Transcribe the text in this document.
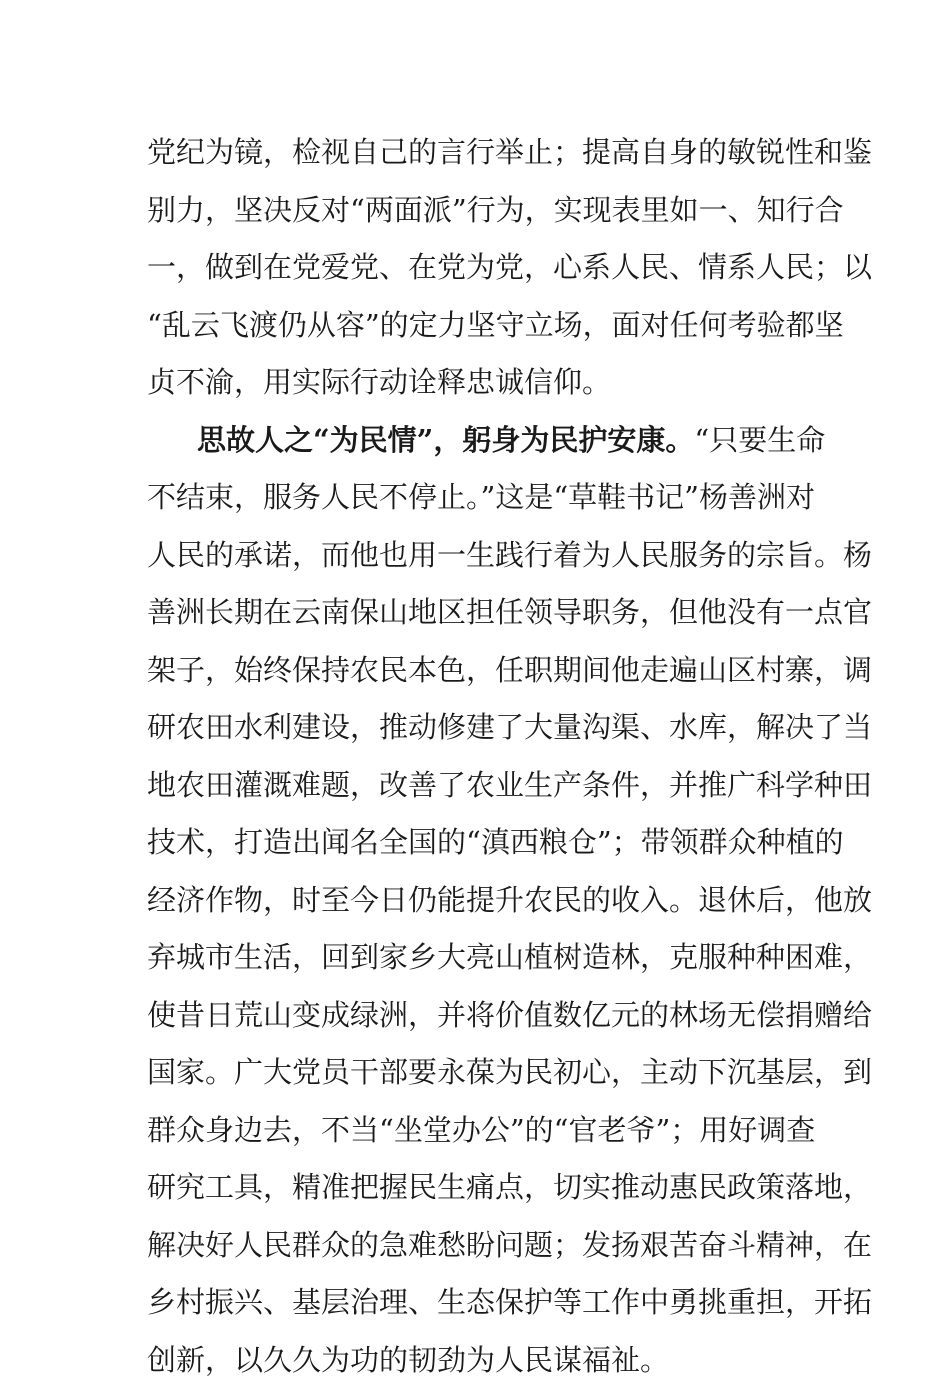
党纪为镜，检视自己的言行举止；提高自身的敏锐性和鉴
别力，坚决反对“两面派”行为，实现表里如一、知行合
一，做到在党爱党、在党为党，心系人民、情系人民；以
“乱云飞渡仍从容”的定力坚守立场，面对任何考验都坚
贞不渝，用实际行动诠释忠诚信仰。
思故人之“为民情”，躬身为民护安康。“只要生命
不结束，服务人民不停止。”这是“草鞋书记”杨善洲对
人民的承诺，而他也用一生践行着为人民服务的宗旨。杨
善洲长期在云南保山地区担任领导职务，但他没有一点官
架子，始终保持农民本色，任职期间他走遍山区村寨，调
研农田水利建设，推动修建了大量沟渠、水库，解决了当
地农田灌溉难题，改善了农业生产条件，并推广科学种田
技术，打造出闻名全国的“滇西粮仓”；带领群众种植的
经济作物，时至今日仍能提升农民的收入。退休后，他放
弃城市生活，回到家乡大亮山植树造林，克服种种困难，
使昔日荒山变成绿洲，并将价值数亿元的林场无偿捐赠给
国家。广大党员干部要永葆为民初心，主动下沉基层，到
群众身边去，不当“坐堂办公”的“官老爷”；用好调查
研究工具，精准把握民生痛点，切实推动惠民政策落地，
解决好人民群众的急难愁盼问题；发扬艰苦奋斗精神，在
乡村振兴、基层治理、生态保护等工作中勇挑重担，开拓
创新，以久久为功的韧劲为人民谋福祉。
